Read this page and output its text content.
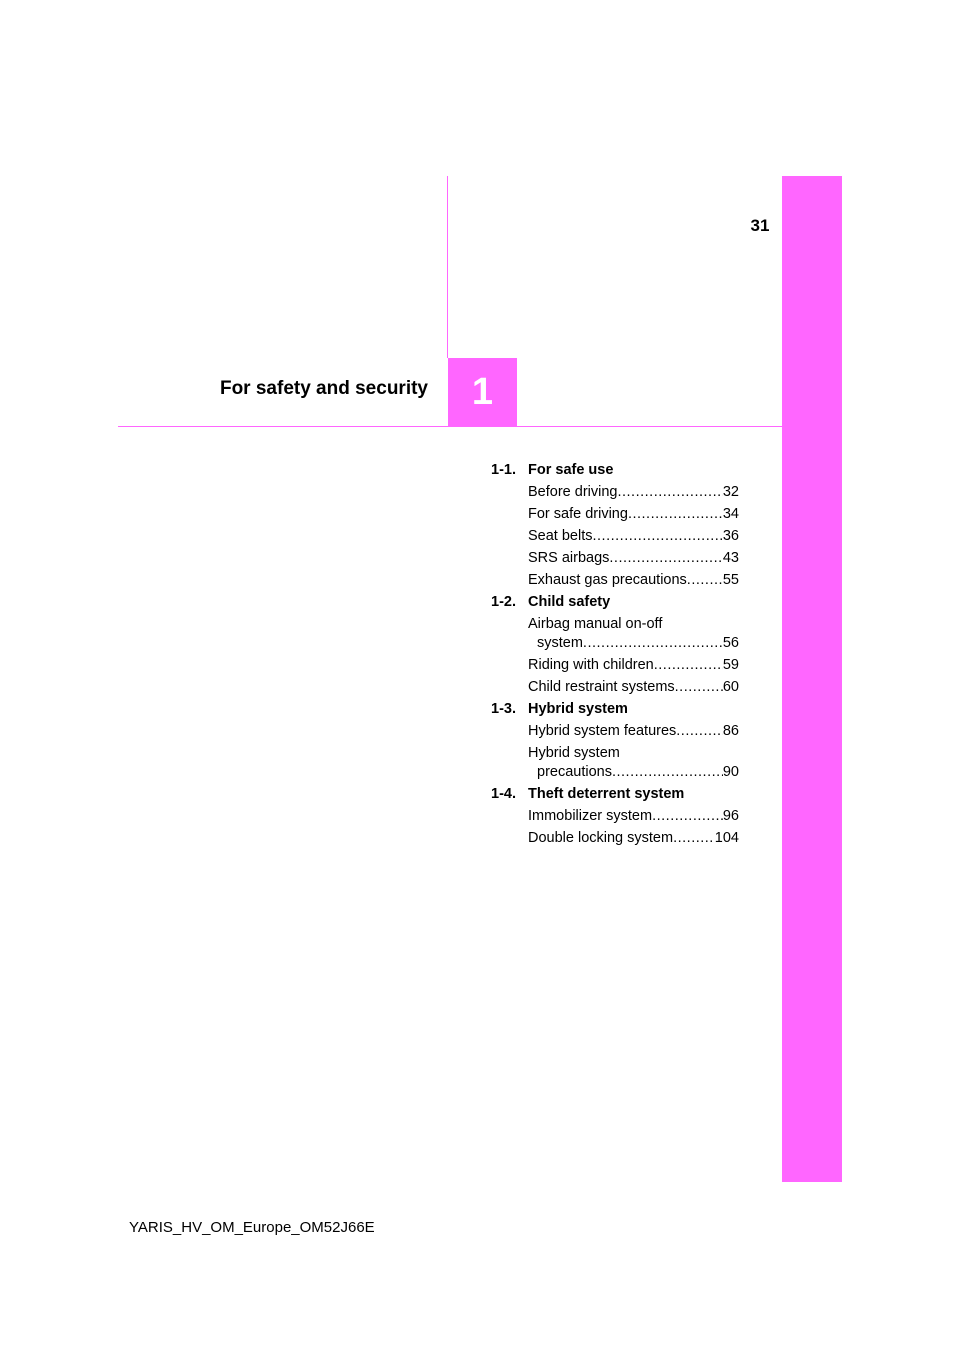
31
1
For safety and security
1-1. For safe use
Before driving .....	32
For safe driving .....	34
Seat belts .....	36
SRS airbags .....	43
Exhaust gas precautions ..... 55
1-2. Child safety
Airbag manual on-off
system .....	56
Riding with children .....	59
Child restraint systems .....	60
1-3. Hybrid system
Hybrid system features .....	86
Hybrid system
precautions .....	90
1-4. Theft deterrent system
Immobilizer system .....	96
Double locking system .....	104
YARIS_HV_OM_Europe_OM52J66E
